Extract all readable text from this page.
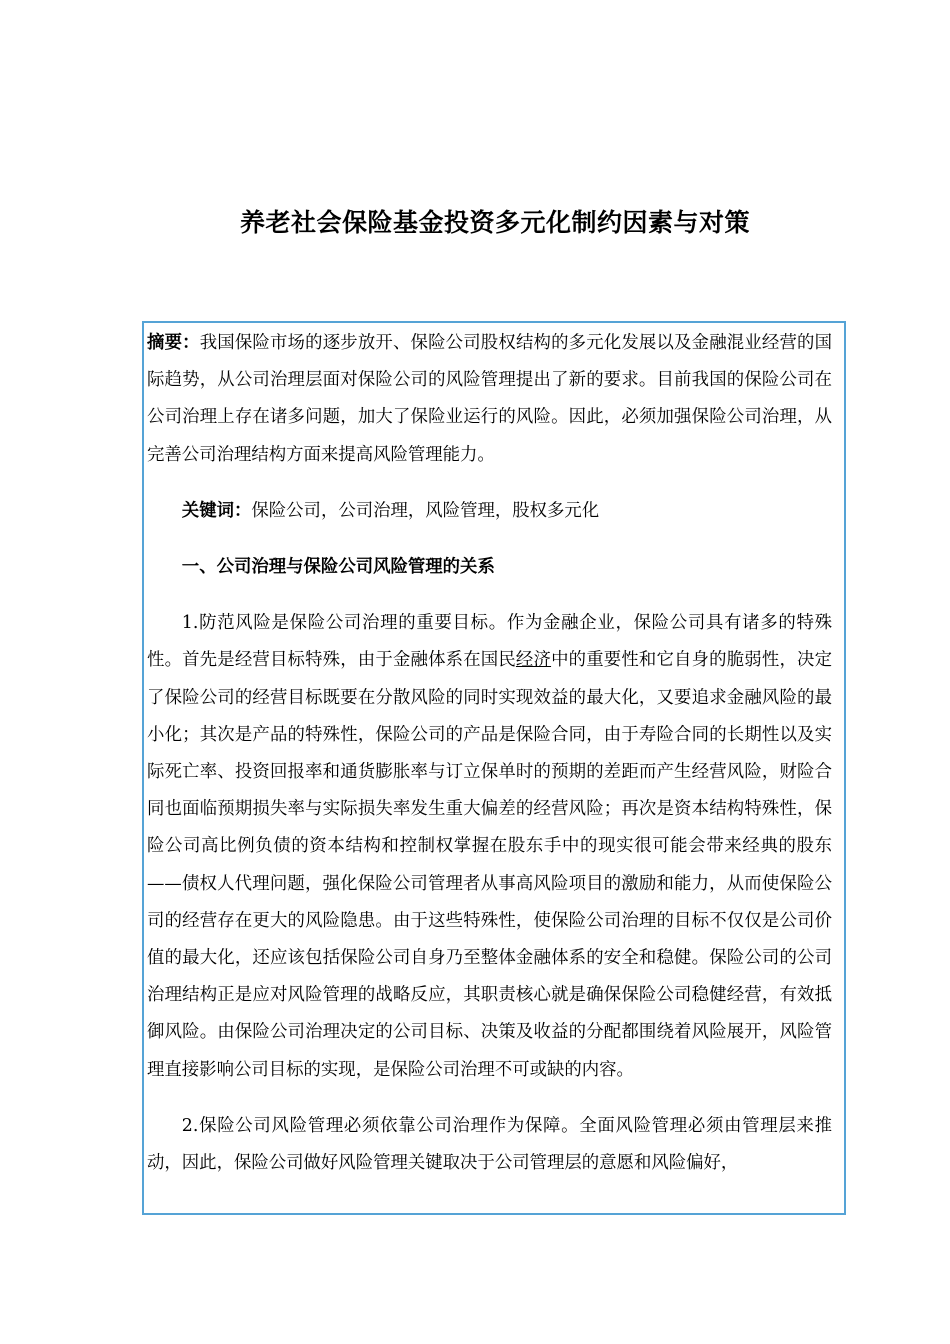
养老社会保险基金投资多元化制约因素与对策

摘要：我国保险市场的逐步放开、保险公司股权结构的多元化发展以及金融混业经营的国际趋势，从公司治理层面对保险公司的风险管理提出了新的要求。目前我国的保险公司在公司治理上存在诸多问题，加大了保险业运行的风险。因此，必须加强保险公司治理，从完善公司治理结构方面来提高风险管理能力。

关键词：保险公司，公司治理，风险管理，股权多元化

一、公司治理与保险公司风险管理的关系

1.防范风险是保险公司治理的重要目标。作为金融企业，保险公司具有诸多的特殊性。首先是经营目标特殊，由于金融体系在国民经济中的重要性和它自身的脆弱性，决定了保险公司的经营目标既要在分散风险的同时实现效益的最大化，又要追求金融风险的最小化；其次是产品的特殊性，保险公司的产品是保险合同，由于寿险合同的长期性以及实际死亡率、投资回报率和通货膨胀率与订立保单时的预期的差距而产生经营风险，财险合同也面临预期损失率与实际损失率发生重大偏差的经营风险；再次是资本结构特殊性，保险公司高比例负债的资本结构和控制权掌握在股东手中的现实很可能会带来经典的股东——债权人代理问题，强化保险公司管理者从事高风险项目的激励和能力，从而使保险公司的经营存在更大的风险隐患。由于这些特殊性，使保险公司治理的目标不仅仅是公司价值的最大化，还应该包括保险公司自身乃至整体金融体系的安全和稳健。保险公司的公司治理结构正是应对风险管理的战略反应，其职责核心就是确保保险公司稳健经营，有效抵御风险。由保险公司治理决定的公司目标、决策及收益的分配都围绕着风险展开，风险管理直接影响公司目标的实现，是保险公司治理不可或缺的内容。

2.保险公司风险管理必须依靠公司治理作为保障。全面风险管理必须由管理层来推动，因此，保险公司做好风险管理关键取决于公司管理层的意愿和风险偏好，
